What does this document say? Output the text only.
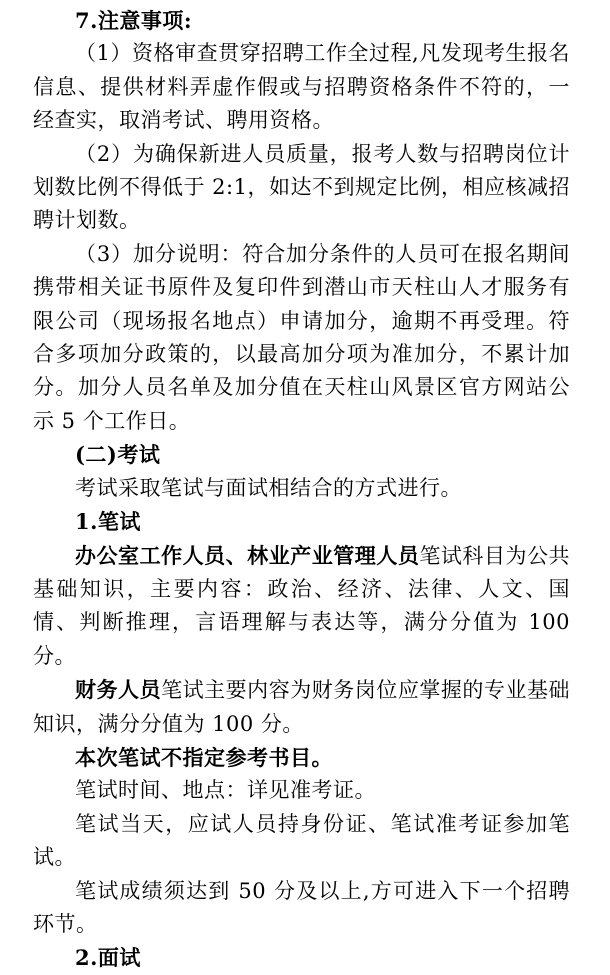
7.注意事项:

（1）资格审查贯穿招聘工作全过程,凡发现考生报名信息、提供材料弄虚作假或与招聘资格条件不符的，一经查实，取消考试、聘用资格。

（2）为确保新进人员质量，报考人数与招聘岗位计划数比例不得低于 2:1，如达不到规定比例，相应核减招聘计划数。

（3）加分说明：符合加分条件的人员可在报名期间携带相关证书原件及复印件到潜山市天柱山人才服务有限公司（现场报名地点）申请加分，逾期不再受理。符合多项加分政策的，以最高加分项为准加分，不累计加分。加分人员名单及加分值在天柱山风景区官方网站公示 5 个工作日。

(二)考试

考试采取笔试与面试相结合的方式进行。

1.笔试

办公室工作人员、林业产业管理人员笔试科目为公共基础知识，主要内容：政治、经济、法律、人文、国情、判断推理，言语理解与表达等，满分分值为 100 分。

财务人员笔试主要内容为财务岗位应掌握的专业基础知识，满分分值为 100 分。

本次笔试不指定参考书目。

笔试时间、地点：详见准考证。

笔试当天，应试人员持身份证、笔试准考证参加笔试。

笔试成绩须达到 50 分及以上,方可进入下一个招聘环节。

2.面试
